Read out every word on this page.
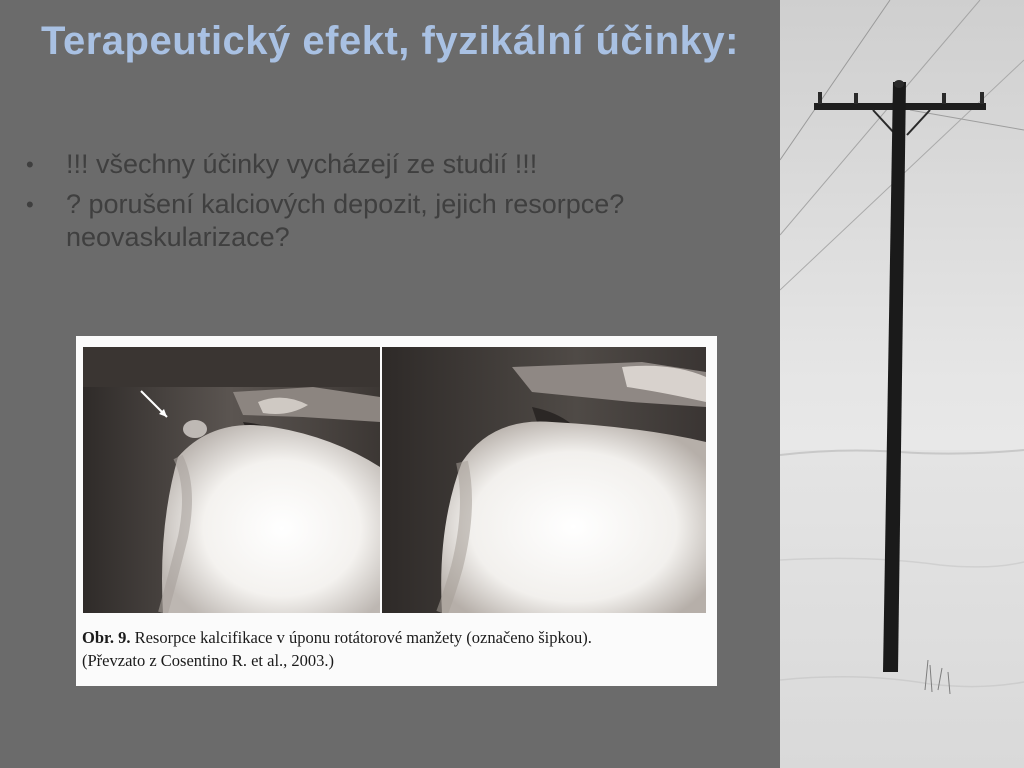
Terapeutický efekt, fyzikální účinky:
• !!! všechny účinky vycházejí ze studií !!!
• ? porušení kalciových depozit, jejich resorpce? neovaskularizace?
Obr. 9. Resorpce kalcifikace v úponu rotátorové manžety (označeno šipkou).
(Převzato z Cosentino R. et al., 2003.)
